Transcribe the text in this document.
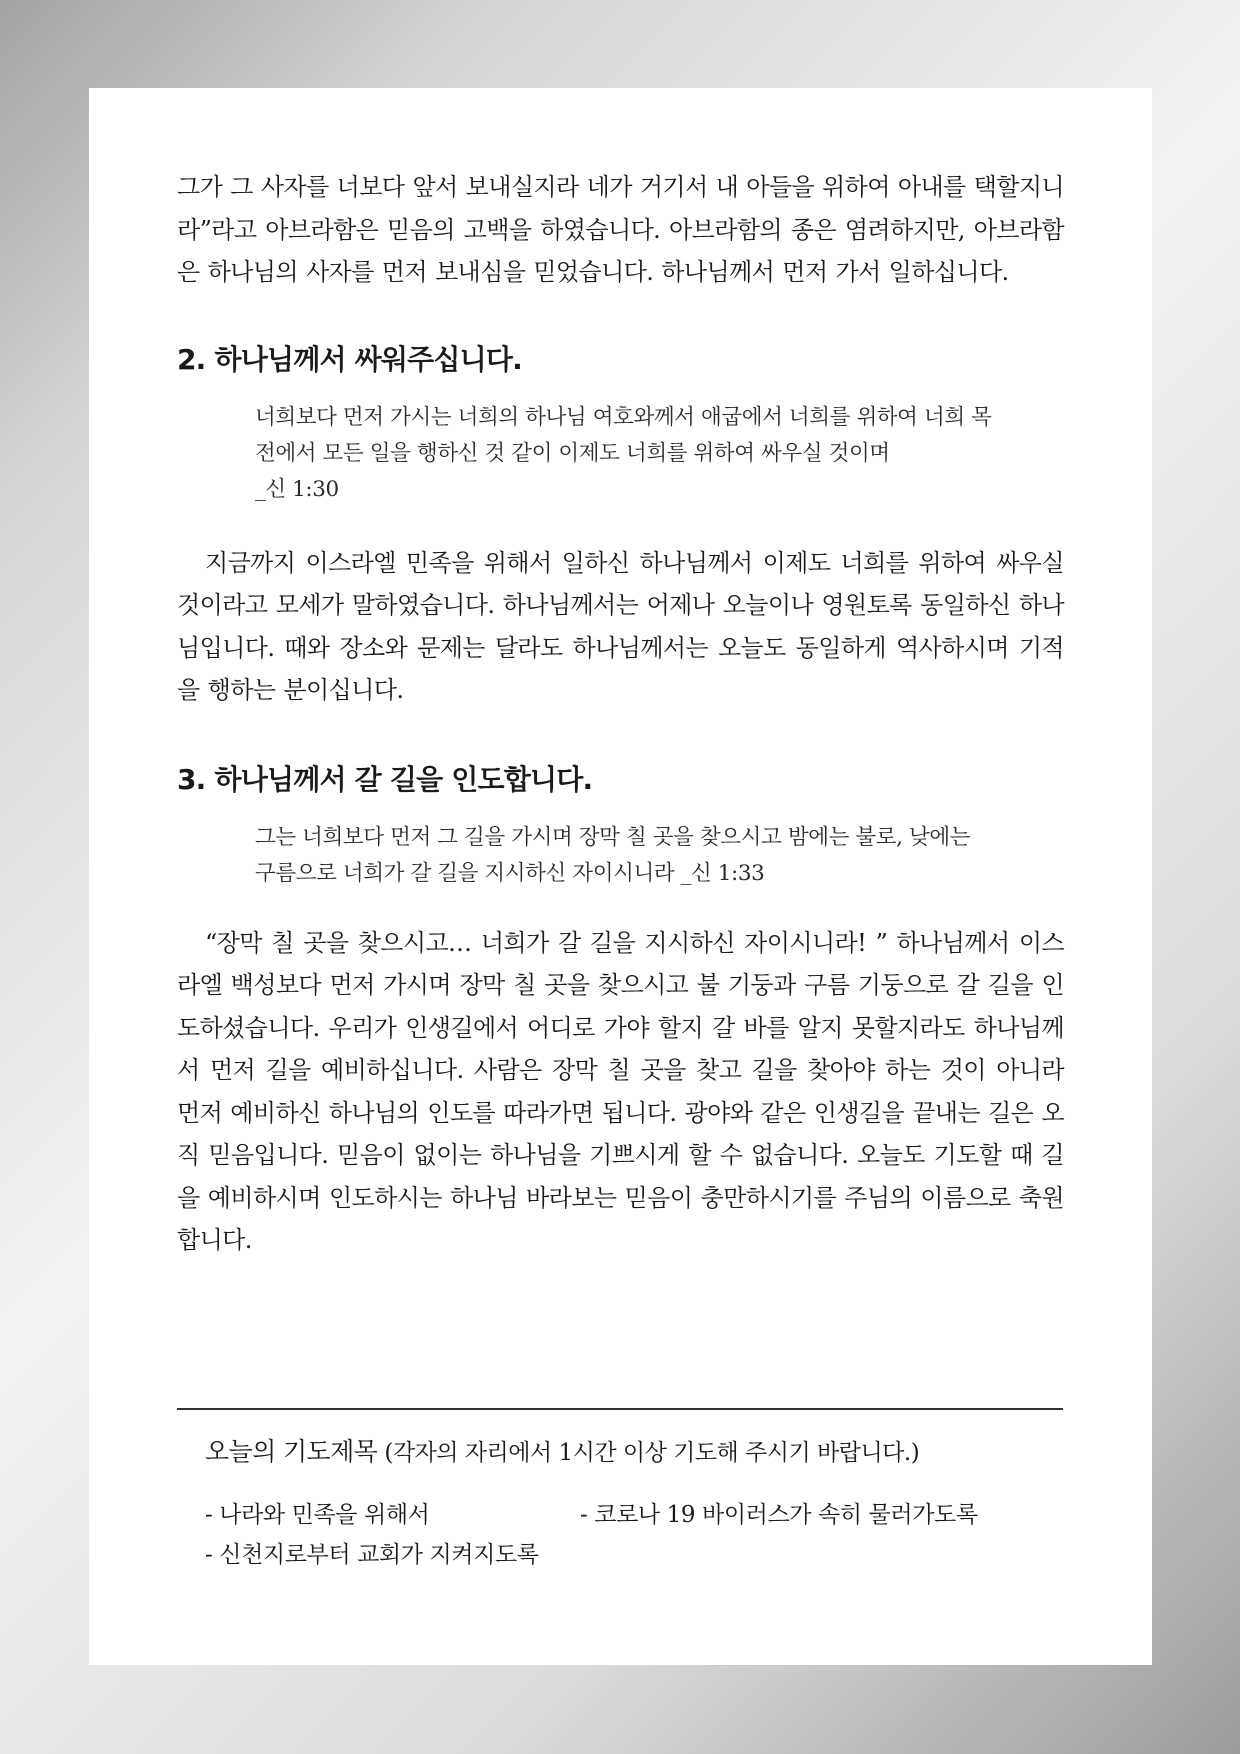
그가 그 사자를 너보다 앞서 보내실지라 네가 거기서 내 아들을 위하여 아내를 택할지니라”라고 아브라함은 믿음의 고백을 하였습니다. 아브라함의 종은 염려하지만, 아브라함은 하나님의 사자를 먼저 보내심을 믿었습니다. 하나님께서 먼저 가서 일하십니다.

2. 하나님께서 싸워주십니다.

너희보다 먼저 가시는 너희의 하나님 여호와께서 애굽에서 너희를 위하여 너희 목전에서 모든 일을 행하신 것 같이 이제도 너희를 위하여 싸우실 것이며
_신 1:30

지금까지 이스라엘 민족을 위해서 일하신 하나님께서 이제도 너희를 위하여 싸우실 것이라고 모세가 말하였습니다. 하나님께서는 어제나 오늘이나 영원토록 동일하신 하나님입니다. 때와 장소와 문제는 달라도 하나님께서는 오늘도 동일하게 역사하시며 기적을 행하는 분이십니다.

3. 하나님께서 갈 길을 인도합니다.

그는 너희보다 먼저 그 길을 가시며 장막 칠 곳을 찾으시고 밤에는 불로, 낮에는 구름으로 너희가 갈 길을 지시하신 자이시니라 _신 1:33

“장막 칠 곳을 찾으시고… 너희가 갈 길을 지시하신 자이시니라! ” 하나님께서 이스라엘 백성보다 먼저 가시며 장막 칠 곳을 찾으시고 불 기둥과 구름 기둥으로 갈 길을 인도하셨습니다. 우리가 인생길에서 어디로 가야 할지 갈 바를 알지 못할지라도 하나님께서 먼저 길을 예비하십니다. 사람은 장막 칠 곳을 찾고 길을 찾아야 하는 것이 아니라 먼저 예비하신 하나님의 인도를 따라가면 됩니다. 광야와 같은 인생길을 끝내는 길은 오직 믿음입니다. 믿음이 없이는 하나님을 기쁘시게 할 수 없습니다. 오늘도 기도할 때 길을 예비하시며 인도하시는 하나님 바라보는 믿음이 충만하시기를 주님의 이름으로 축원합니다.

오늘의 기도제목 (각자의 자리에서 1시간 이상 기도해 주시기 바랍니다.)
- 나라와 민족을 위해서	- 코로나 19 바이러스가 속히 물러가도록
- 신천지로부터 교회가 지켜지도록
